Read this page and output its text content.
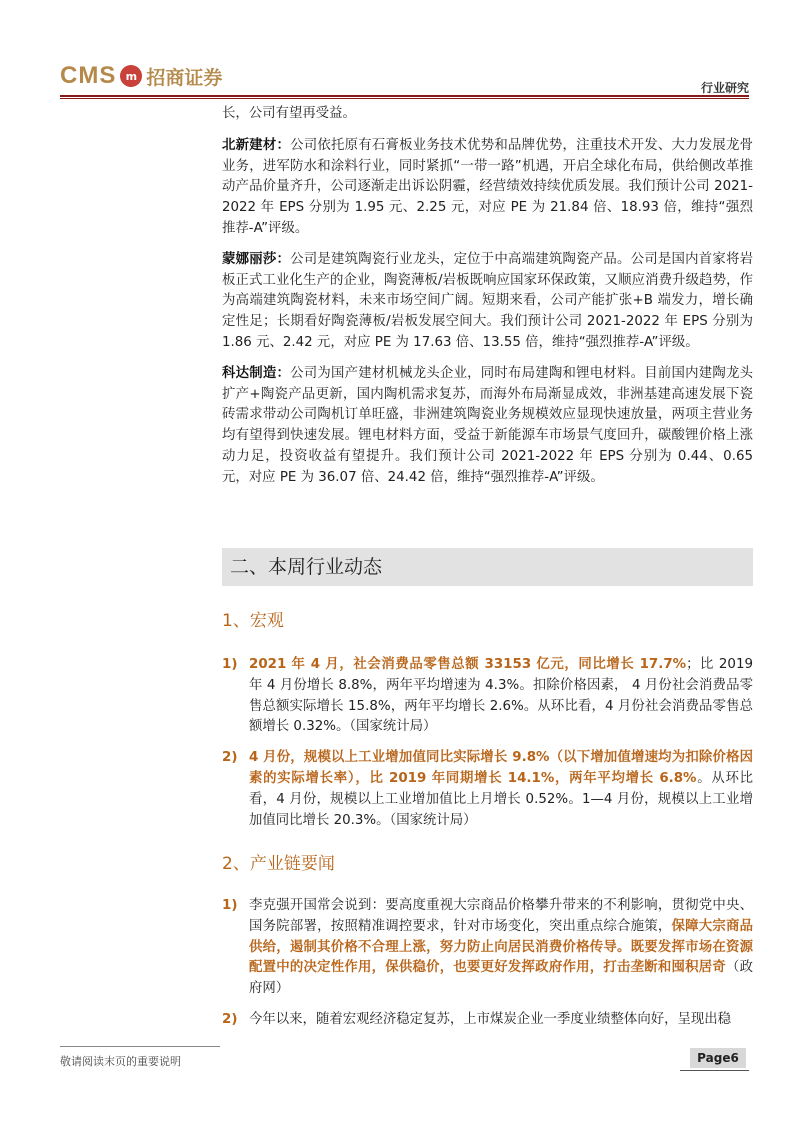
CMS m 招商证券	行业研究

长，公司有望再受益。

北新建材：公司依托原有石膏板业务技术优势和品牌优势，注重技术开发、大力发展龙骨业务，进军防水和涂料行业，同时紧抓“一带一路”机遇，开启全球化布局，供给侧改革推动产品价量齐升，公司逐渐走出诉讼阴霾，经营绩效持续优质发展。我们预计公司 2021-2022 年 EPS 分别为 1.95 元、2.25 元，对应 PE 为 21.84 倍、18.93 倍，维持“强烈推荐-A”评级。

蒙娜丽莎：公司是建筑陶瓷行业龙头，定位于中高端建筑陶瓷产品。公司是国内首家将岩板正式工业化生产的企业，陶瓷薄板/岩板既响应国家环保政策，又顺应消费升级趋势，作为高端建筑陶瓷材料，未来市场空间广阔。短期来看，公司产能扩张+B 端发力，增长确定性足；长期看好陶瓷薄板/岩板发展空间大。我们预计公司 2021-2022 年 EPS 分别为 1.86 元、2.42 元，对应 PE 为 17.63 倍、13.55 倍，维持“强烈推荐-A”评级。

科达制造：公司为国产建材机械龙头企业，同时布局建陶和锂电材料。目前国内建陶龙头扩产+陶瓷产品更新，国内陶机需求复苏，而海外布局渐显成效，非洲基建高速发展下瓷砖需求带动公司陶机订单旺盛，非洲建筑陶瓷业务规模效应显现快速放量，两项主营业务均有望得到快速发展。锂电材料方面，受益于新能源车市场景气度回升，碳酸锂价格上涨动力足，投资收益有望提升。我们预计公司 2021-2022 年 EPS 分别为 0.44、0.65 元，对应 PE 为 36.07 倍、24.42 倍，维持“强烈推荐-A”评级。

二、本周行业动态
1、宏观
1) 2021 年 4 月，社会消费品零售总额 33153 亿元，同比增长 17.7%；比 2019 年 4 月份增长 8.8%，两年平均增速为 4.3%。扣除价格因素， 4 月份社会消费品零售总额实际增长 15.8%，两年平均增长 2.6%。从环比看，4 月份社会消费品零售总额增长 0.32%。（国家统计局）
2) 4 月份，规模以上工业增加值同比实际增长 9.8%（以下增加值增速均为扣除价格因素的实际增长率），比 2019 年同期增长 14.1%，两年平均增长 6.8%。从环比看，4 月份，规模以上工业增加值比上月增长 0.52%。1—4 月份，规模以上工业增加值同比增长 20.3%。（国家统计局）
2、产业链要闻
1) 李克强开国常会说到：要高度重视大宗商品价格攀升带来的不利影响，贯彻党中央、国务院部署，按照精准调控要求，针对市场变化，突出重点综合施策，保障大宗商品供给，遏制其价格不合理上涨，努力防止向居民消费价格传导。既要发挥市场在资源配置中的决定性作用，保供稳价，也要更好发挥政府作用，打击垄断和囤积居奇（政府网）
2) 今年以来，随着宏观经济稳定复苏，上市煤炭企业一季度业绩整体向好，呈现出稳
敬请阅读末页的重要说明	Page6
